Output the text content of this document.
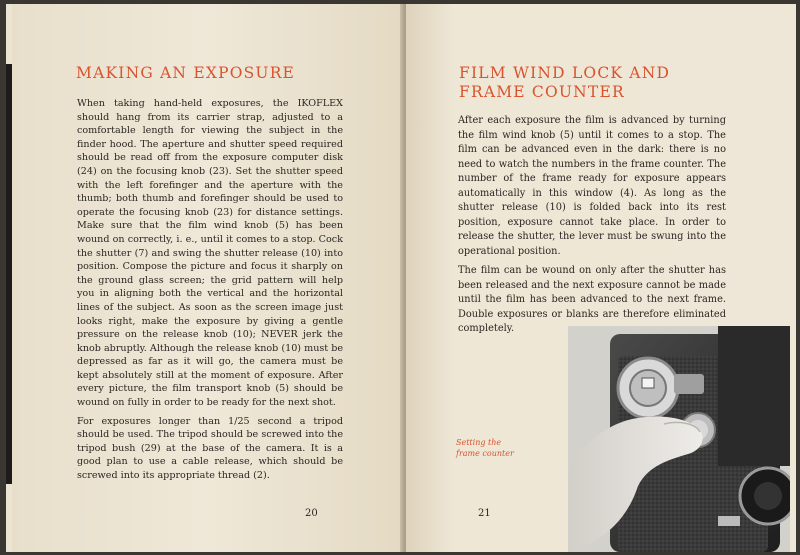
MAKING AN EXPOSURE

When taking hand-held exposures, the IKOFLEX should hang from its carrier strap, adjusted to a comfortable length for viewing the subject in the finder hood. The aperture and shutter speed required should be read off from the exposure computer disk (24) on the focusing knob (23). Set the shutter speed with the left forefinger and the aperture with the thumb; both thumb and forefinger should be used to operate the focusing knob (23) for distance settings. Make sure that the film wind knob (5) has been wound on correctly, i. e., until it comes to a stop. Cock the shutter (7) and swing the shutter release (10) into position. Compose the picture and focus it sharply on the ground glass screen; the grid pattern will help you in aligning both the vertical and the horizontal lines of the subject. As soon as the screen image just looks right, make the exposure by giving a gentle pressure on the release knob (10); NEVER jerk the knob abruptly. Although the release knob (10) must be depressed as far as it will go, the camera must be kept absolutely still at the moment of exposure. After every picture, the film transport knob (5) should be wound on fully in order to be ready for the next shot.

For exposures longer than 1/25 second a tripod should be used. The tripod should be screwed into the tripod bush (29) at the base of the camera. It is a good plan to use a cable release, which should be screwed into its appropriate thread (2).

20
FILM WIND LOCK AND
FRAME COUNTER

After each exposure the film is advanced by turning the film wind knob (5) until it comes to a stop. The film can be advanced even in the dark: there is no need to watch the numbers in the frame counter. The number of the frame ready for exposure appears automatically in this window (4). As long as the shutter release (10) is folded back into its rest position, exposure cannot take place. In order to release the shutter, the lever must be swung into the operational position.

The film can be wound on only after the shutter has been released and the next exposure cannot be made until the film has been advanced to the next frame. Double exposures or blanks are therefore eliminated completely.

Setting the
frame counter
21
